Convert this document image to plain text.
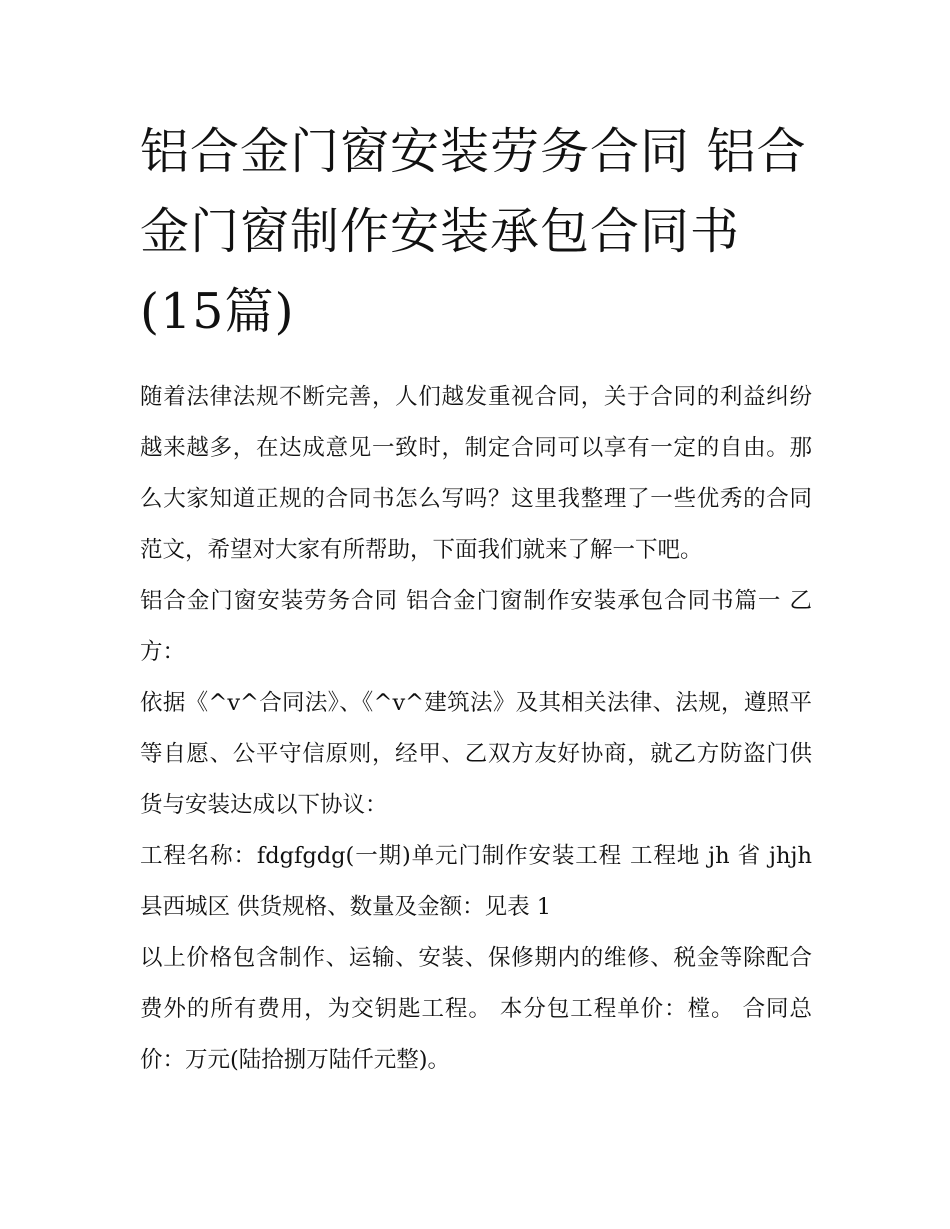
铝合金门窗安装劳务合同 铝合金门窗制作安装承包合同书(15篇)

随着法律法规不断完善，人们越发重视合同，关于合同的利益纠纷越来越多，在达成意见一致时，制定合同可以享有一定的自由。那么大家知道正规的合同书怎么写吗？这里我整理了一些优秀的合同范文，希望对大家有所帮助，下面我们就来了解一下吧。

铝合金门窗安装劳务合同 铝合金门窗制作安装承包合同书篇一 乙方：

依据《^v^合同法》、《^v^建筑法》及其相关法律、法规，遵照平等自愿、公平守信原则，经甲、乙双方友好协商，就乙方防盗门供货与安装达成以下协议：

工程名称：fdgfgdg(一期)单元门制作安装工程 工程地 jh 省 jhjh 县西城区 供货规格、数量及金额：见表 1

以上价格包含制作、运输、安装、保修期内的维修、税金等除配合费外的所有费用，为交钥匙工程。 本分包工程单价：樘。 合同总价：万元(陆拾捌万陆仟元整)。
